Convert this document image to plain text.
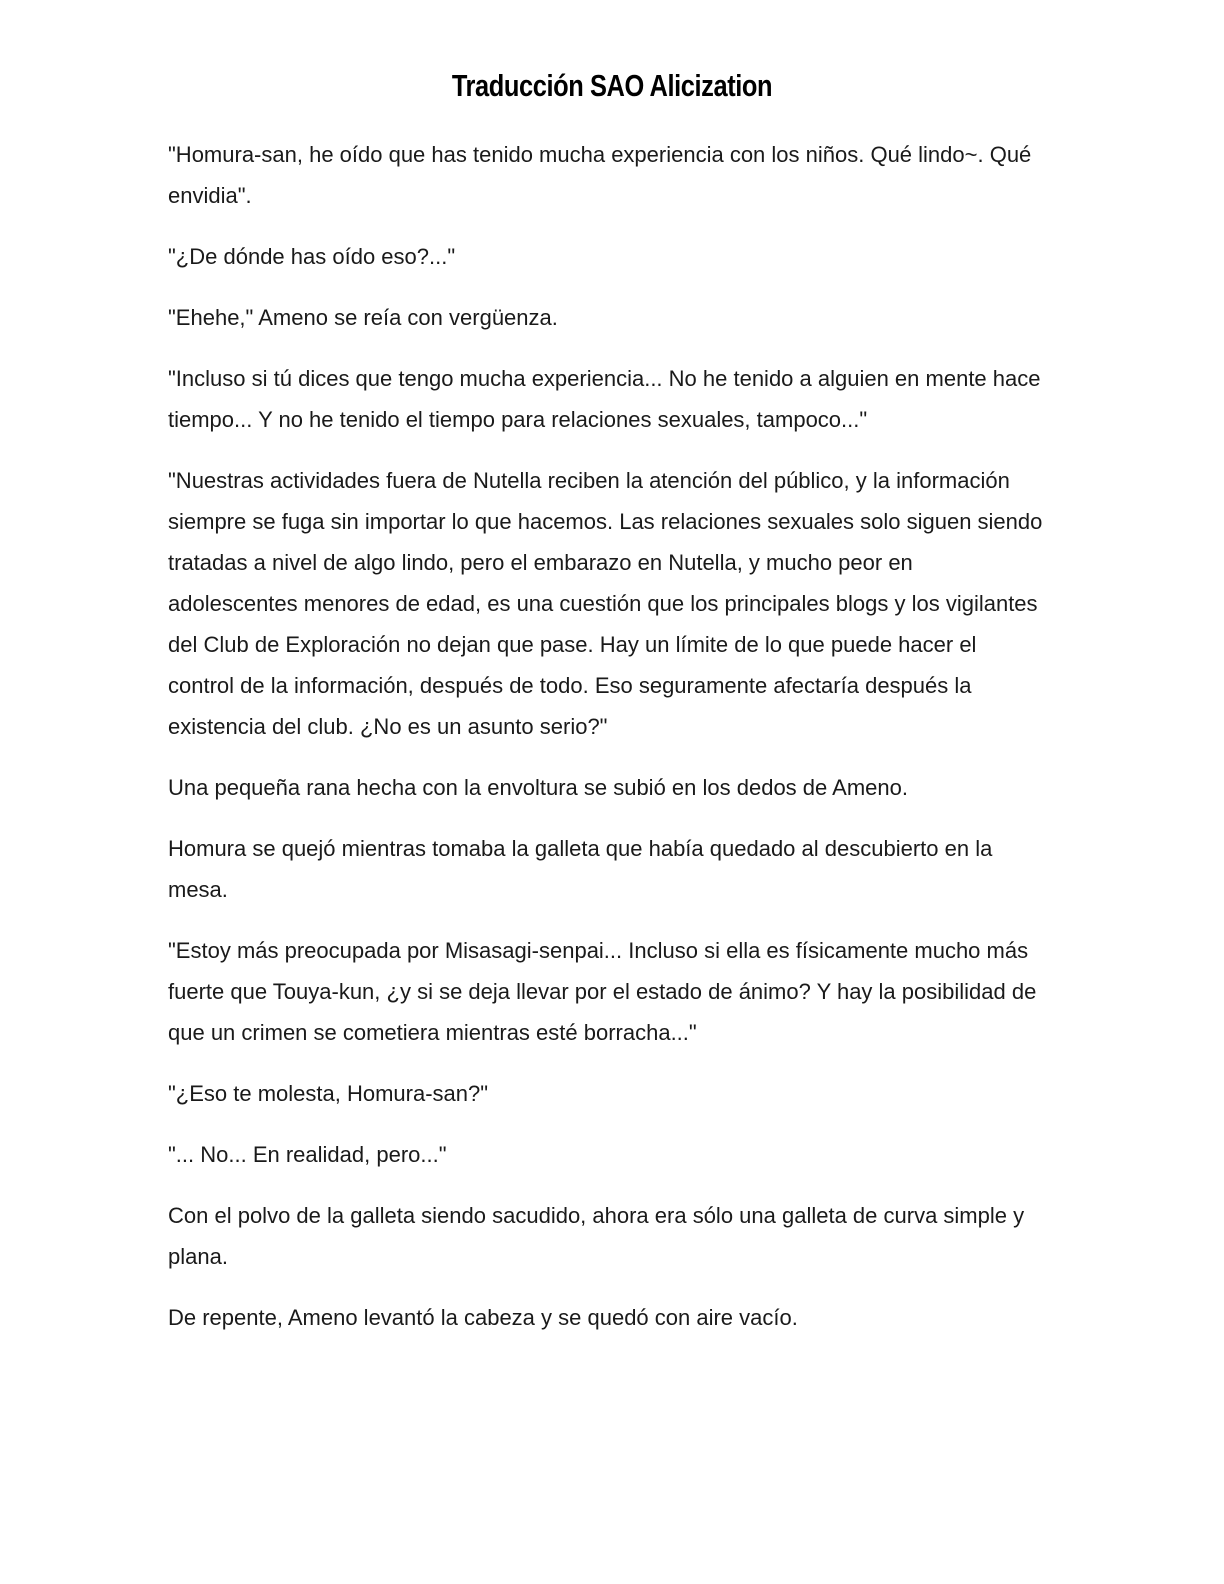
Traducción SAO Alicization

"Homura-san, he oído que has tenido mucha experiencia con los niños. Qué lindo~. Qué envidia".

"¿De dónde has oído eso?..."

"Ehehe," Ameno se reía con vergüenza.

"Incluso si tú dices que tengo mucha experiencia... No he tenido a alguien en mente hace tiempo... Y no he tenido el tiempo para relaciones sexuales, tampoco..."

"Nuestras actividades fuera de Nutella reciben la atención del público, y la información siempre se fuga sin importar lo que hacemos. Las relaciones sexuales solo siguen siendo tratadas a nivel de algo lindo, pero el embarazo en Nutella, y mucho peor en adolescentes menores de edad, es una cuestión que los principales blogs y los vigilantes del Club de Exploración no dejan que pase. Hay un límite de lo que puede hacer el control de la información, después de todo. Eso seguramente afectaría después la existencia del club. ¿No es un asunto serio?"

Una pequeña rana hecha con la envoltura se subió en los dedos de Ameno.

Homura se quejó mientras tomaba la galleta que había quedado al descubierto en la mesa.

"Estoy más preocupada por Misasagi-senpai... Incluso si ella es físicamente mucho más fuerte que Touya-kun, ¿y si se deja llevar por el estado de ánimo? Y hay la posibilidad de que un crimen se cometiera mientras esté borracha..."

"¿Eso te molesta, Homura-san?"

"... No... En realidad, pero..."

Con el polvo de la galleta siendo sacudido, ahora era sólo una galleta de curva simple y plana.

De repente, Ameno levantó la cabeza y se quedó con aire vacío.
